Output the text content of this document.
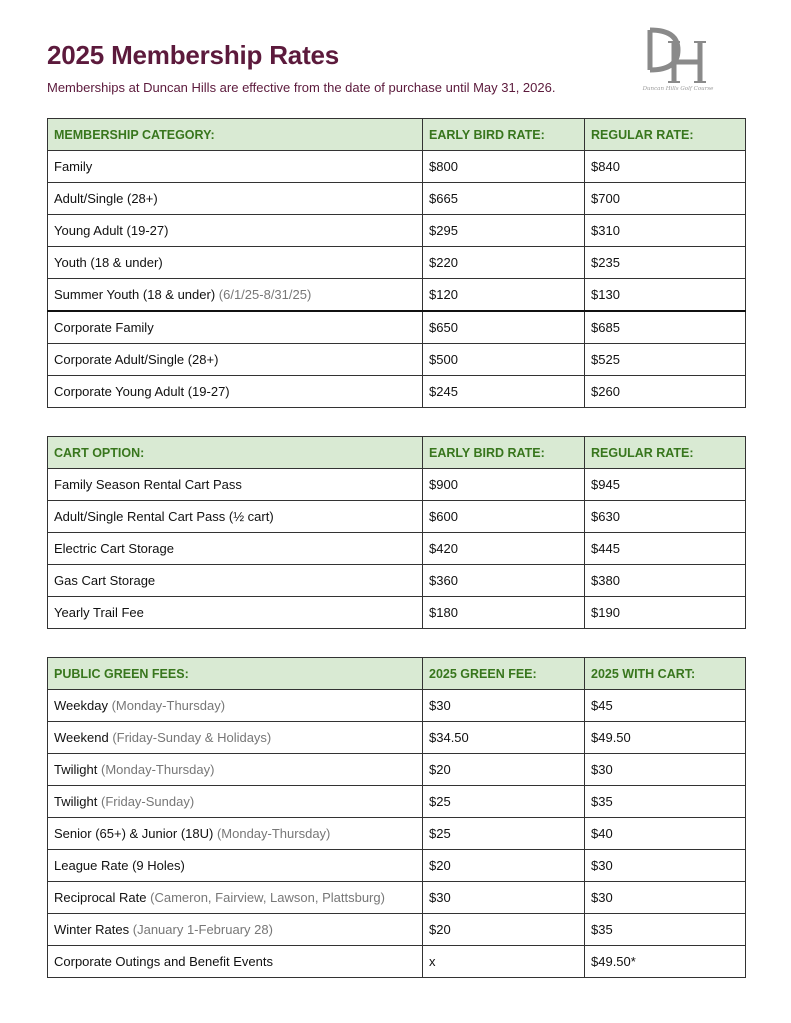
2025 Membership Rates
Memberships at Duncan Hills are effective from the date of purchase until May 31, 2026.	Duncan Hills Golf Course
MEMBERSHIP CATEGORY:	EARLY BIRD RATE:	REGULAR RATE:
Family	$800	$840
Adult/Single (28+)	$665	$700
Young Adult (19-27)	$295	$310
Youth (18 & under)	$220	$235
Summer Youth (18 & under) (6/1/25-8/31/25)	$120	$130
Corporate Family	$650	$685
Corporate Adult/Single (28+)	$500	$525
Corporate Young Adult (19-27)	$245	$260
CART OPTION:	EARLY BIRD RATE:	REGULAR RATE:
Family Season Rental Cart Pass	$900	$945
Adult/Single Rental Cart Pass (½ cart)	$600	$630
Electric Cart Storage	$420	$445
Gas Cart Storage	$360	$380
Yearly Trail Fee	$180	$190
PUBLIC GREEN FEES:	2025 GREEN FEE:	2025 WITH CART:
Weekday (Monday-Thursday)	$30	$45
Weekend (Friday-Sunday & Holidays)	$34.50	$49.50
Twilight (Monday-Thursday)	$20	$30
Twilight (Friday-Sunday)	$25	$35
Senior (65+) & Junior (18U) (Monday-Thursday)	$25	$40
League Rate (9 Holes)	$20	$30
Reciprocal Rate (Cameron, Fairview, Lawson, Plattsburg)	$30	$30
Winter Rates (January 1-February 28)	$20	$35
Corporate Outings and Benefit Events	x	$49.50*
